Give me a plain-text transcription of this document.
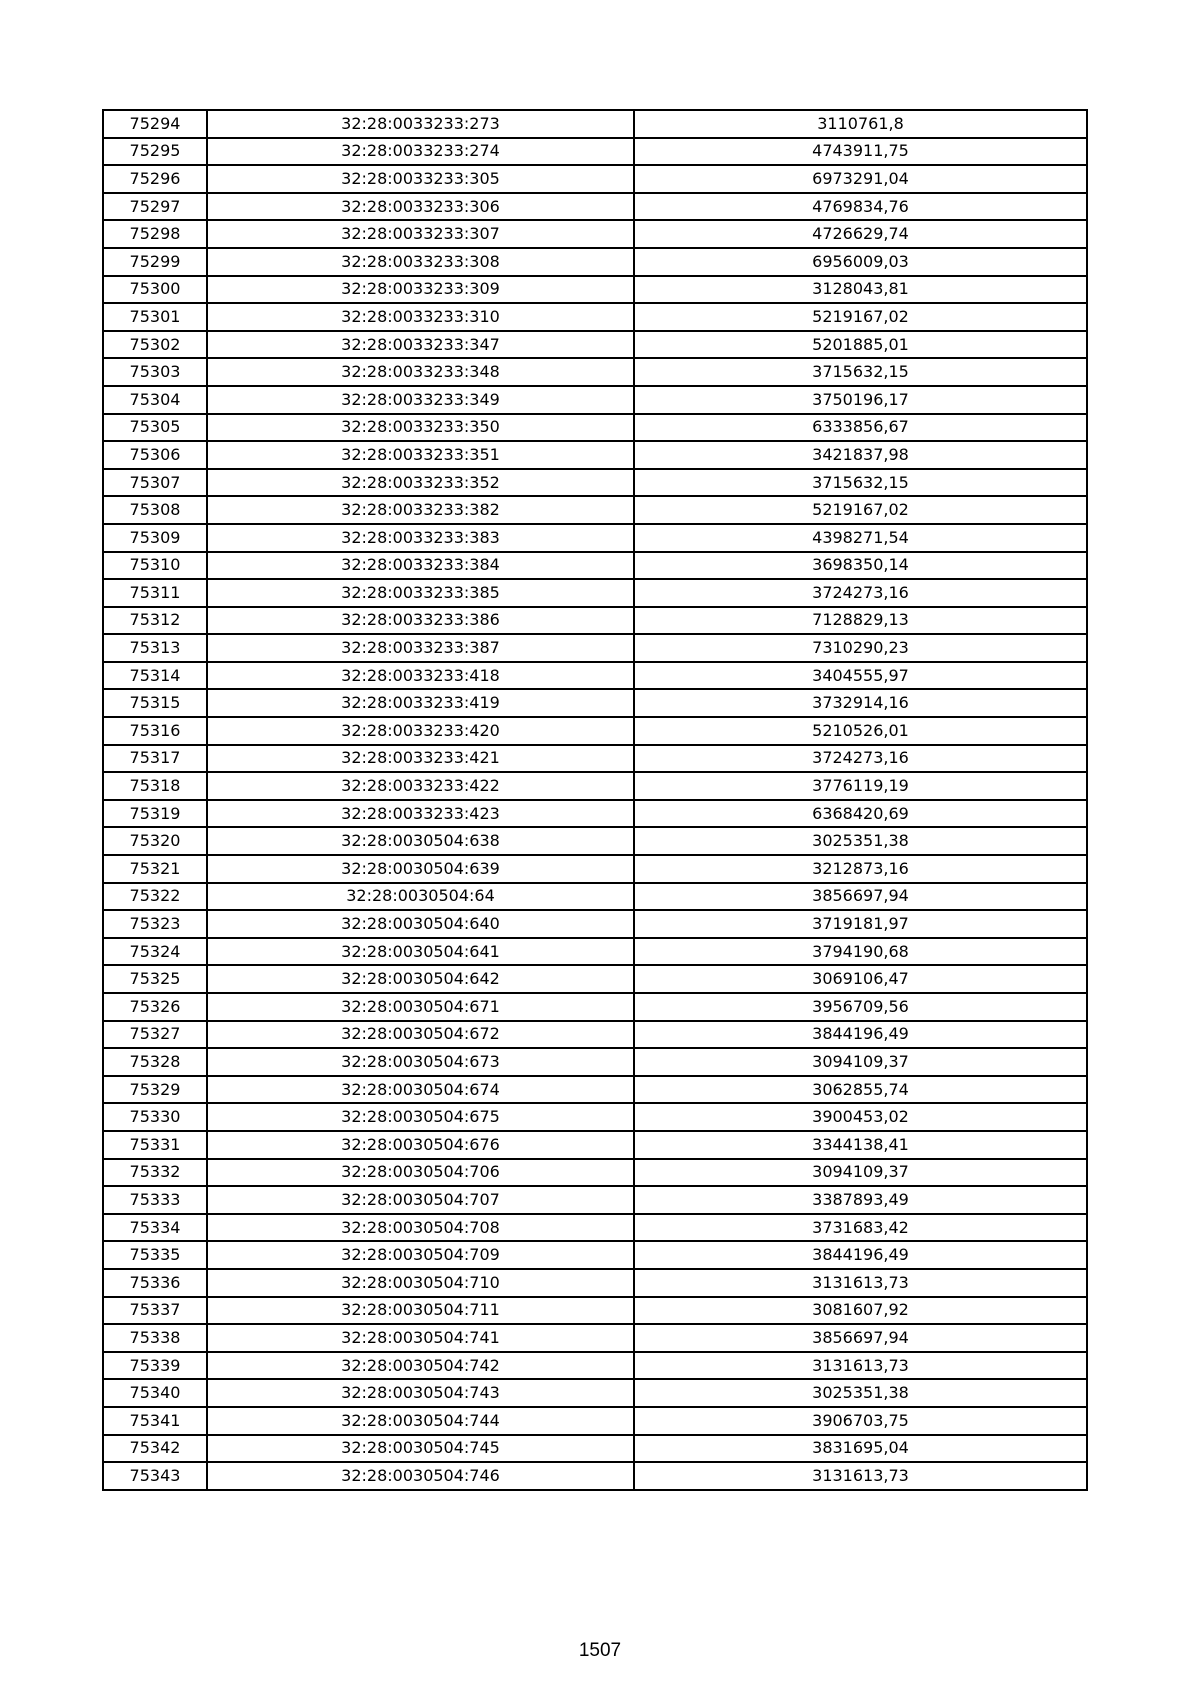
75294	32:28:0033233:273	3110761,8
75295	32:28:0033233:274	4743911,75
75296	32:28:0033233:305	6973291,04
75297	32:28:0033233:306	4769834,76
75298	32:28:0033233:307	4726629,74
75299	32:28:0033233:308	6956009,03
75300	32:28:0033233:309	3128043,81
75301	32:28:0033233:310	5219167,02
75302	32:28:0033233:347	5201885,01
75303	32:28:0033233:348	3715632,15
75304	32:28:0033233:349	3750196,17
75305	32:28:0033233:350	6333856,67
75306	32:28:0033233:351	3421837,98
75307	32:28:0033233:352	3715632,15
75308	32:28:0033233:382	5219167,02
75309	32:28:0033233:383	4398271,54
75310	32:28:0033233:384	3698350,14
75311	32:28:0033233:385	3724273,16
75312	32:28:0033233:386	7128829,13
75313	32:28:0033233:387	7310290,23
75314	32:28:0033233:418	3404555,97
75315	32:28:0033233:419	3732914,16
75316	32:28:0033233:420	5210526,01
75317	32:28:0033233:421	3724273,16
75318	32:28:0033233:422	3776119,19
75319	32:28:0033233:423	6368420,69
75320	32:28:0030504:638	3025351,38
75321	32:28:0030504:639	3212873,16
75322	32:28:0030504:64	3856697,94
75323	32:28:0030504:640	3719181,97
75324	32:28:0030504:641	3794190,68
75325	32:28:0030504:642	3069106,47
75326	32:28:0030504:671	3956709,56
75327	32:28:0030504:672	3844196,49
75328	32:28:0030504:673	3094109,37
75329	32:28:0030504:674	3062855,74
75330	32:28:0030504:675	3900453,02
75331	32:28:0030504:676	3344138,41
75332	32:28:0030504:706	3094109,37
75333	32:28:0030504:707	3387893,49
75334	32:28:0030504:708	3731683,42
75335	32:28:0030504:709	3844196,49
75336	32:28:0030504:710	3131613,73
75337	32:28:0030504:711	3081607,92
75338	32:28:0030504:741	3856697,94
75339	32:28:0030504:742	3131613,73
75340	32:28:0030504:743	3025351,38
75341	32:28:0030504:744	3906703,75
75342	32:28:0030504:745	3831695,04
75343	32:28:0030504:746	3131613,73
1507
